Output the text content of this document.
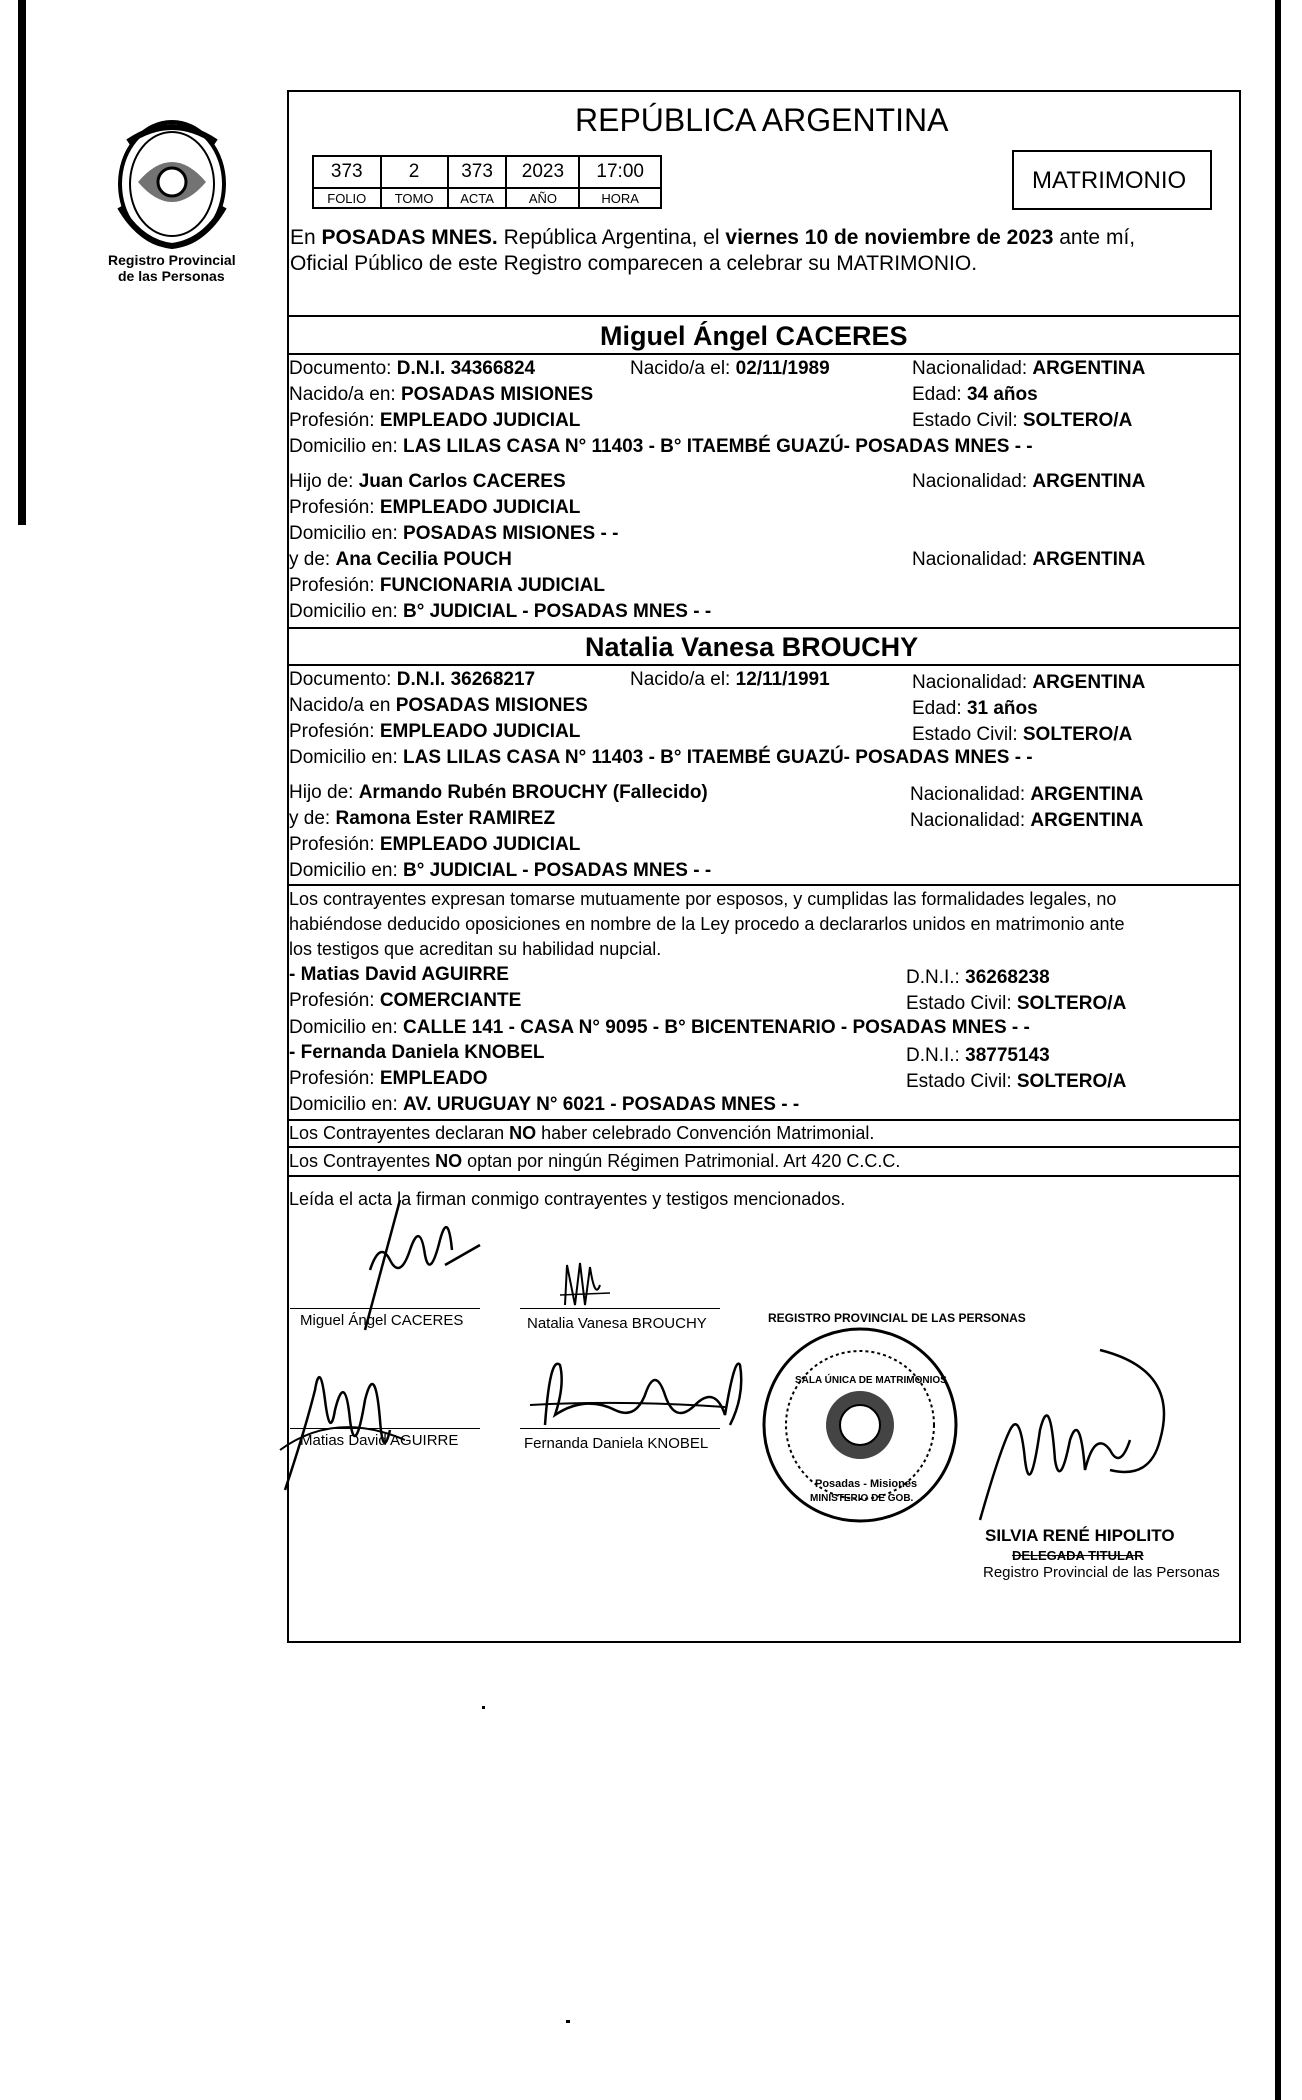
Registro Provincial
de las Personas
REPÚBLICA ARGENTINA
373	2	373	2023	17:00
FOLIO	TOMO	ACTA	AÑO	HORA
MATRIMONIO
En POSADAS MNES. República Argentina, el viernes 10 de noviembre de 2023 ante mí,
Oficial Público de este Registro comparecen a celebrar su MATRIMONIO.
Miguel Ángel CACERES
Documento: D.N.I. 34366824	Nacido/a el: 02/11/1989	Nacionalidad: ARGENTINA
Nacido/a en: POSADAS MISIONES	Edad: 34 años
Profesión: EMPLEADO JUDICIAL	Estado Civil: SOLTERO/A
Domicilio en: LAS LILAS CASA N° 11403 - B° ITAEMBÉ GUAZÚ- POSADAS MNES - -
Hijo de: Juan Carlos CACERES	Nacionalidad: ARGENTINA
Profesión: EMPLEADO JUDICIAL
Domicilio en: POSADAS MISIONES - -
y de: Ana Cecilia POUCH	Nacionalidad: ARGENTINA
Profesión: FUNCIONARIA JUDICIAL
Domicilio en: B° JUDICIAL - POSADAS MNES - -
Natalia Vanesa BROUCHY
Documento: D.N.I. 36268217	Nacido/a el: 12/11/1991	Nacionalidad: ARGENTINA
Nacido/a en POSADAS MISIONES	Edad: 31 años
Profesión: EMPLEADO JUDICIAL	Estado Civil: SOLTERO/A
Domicilio en: LAS LILAS CASA N° 11403 - B° ITAEMBÉ GUAZÚ- POSADAS MNES - -
Hijo de: Armando Rubén BROUCHY (Fallecido)	Nacionalidad: ARGENTINA
y de: Ramona Ester RAMIREZ	Nacionalidad: ARGENTINA
Profesión: EMPLEADO JUDICIAL
Domicilio en: B° JUDICIAL - POSADAS MNES - -
Los contrayentes expresan tomarse mutuamente por esposos, y cumplidas las formalidades legales, no
habiéndose deducido oposiciones en nombre de la Ley procedo a declararlos unidos en matrimonio ante
los testigos que acreditan su habilidad nupcial.
- Matias David AGUIRRE	D.N.I.: 36268238
Profesión: COMERCIANTE	Estado Civil: SOLTERO/A
Domicilio en: CALLE 141 - CASA N° 9095 - B° BICENTENARIO - POSADAS MNES - -
- Fernanda Daniela KNOBEL	D.N.I.: 38775143
Profesión: EMPLEADO	Estado Civil: SOLTERO/A
Domicilio en: AV. URUGUAY N° 6021 - POSADAS MNES - -
Los Contrayentes declaran NO haber celebrado Convención Matrimonial.
Los Contrayentes NO optan por ningún Régimen Patrimonial. Art 420 C.C.C.
Leída el acta la firman conmigo contrayentes y testigos mencionados.
Miguel Ángel CACERES	Natalia Vanesa BROUCHY
Matias David AGUIRRE	Fernanda Daniela KNOBEL
REGISTRO PROVINCIAL DE LAS PERSONAS
SALA ÚNICA DE MATRIMONIOS
Posadas - Misiones
MINISTERIO DE GOB.
SILVIA RENÉ HIPOLITO
DELEGADA TITULAR
Registro Provincial de las Personas
